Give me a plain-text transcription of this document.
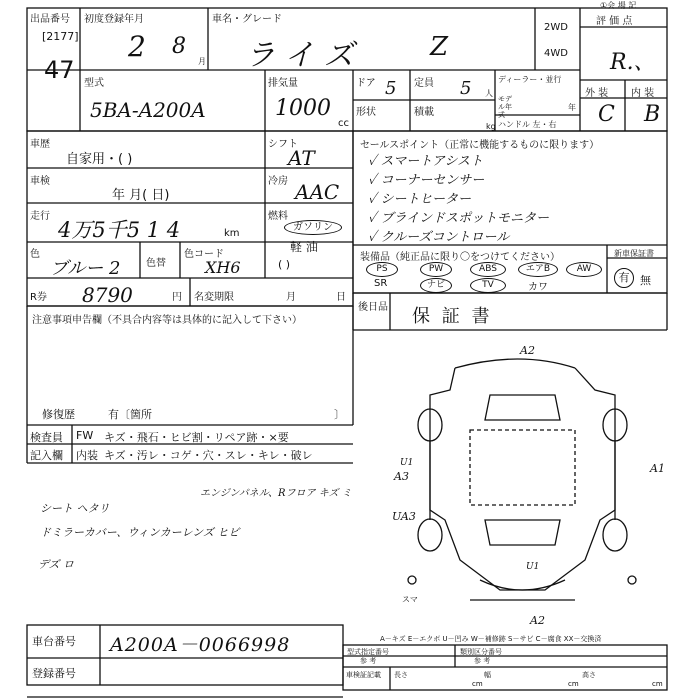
出品番号
[2177]
47
初度登録年月
2 8
月
車名・グレード
ライズ	Z
2WD
4WD
評 価 点
①会 場 記
R.、
外 装 内 装
C B
型式
5BA-A200A
排気量
1000
cc
ドア 5 定員 5 人
ディーラー・並行
モデル年式
年
形状	積載
kg ハンドル 左・右
車歴
自家用・( )
シフト
AT
車検
年 月( 日)
冷房 AAC
走行
4万5千5 1 4	km
燃料
ガソリン
軽 油
( )
色
ブルー 2	色替
色コード
XH6
R券 8790	円 名変期限	月	日
セールスポイント（正常に機能するものに限ります）
✓ スマートアシスト
✓ コーナーセンサー
✓ シートヒーター
✓ ブラインドスポットモニター
✓ クルーズコントロール
装備品（純正品に限り〇をつけてください）
PS	PW	ABS	エアB	AW
SR	ナビ	TV	カワ
新車保証書
有 無
後日品 保 証 書
注意事項申告欄（不具合内容等は具体的に記入して下さい）
修復歴	有〔箇所	〕
検査員
記入欄
FW キズ・飛石・ヒビ割・リペア跡・×要
内装 キズ・汚レ・コゲ・穴・スレ・キレ・破レ
シート ヘタリ
エンジンパネル、Rフロア キズ ミ
ドミラーカバー、ウィンカーレンズ ヒビ
デズ ロ
A2
A1
A3
U1
UA3
U1
A2
スマ
A－キズ E－エクボ U－凹み W－補修跡 S－サビ C－腐食 XX－交換済
車台番号 A200A－0066998
登録番号
型式指定番号
参 考
類別区分番号
参 考
車検証記載 長さ	幅	高さ
cm	cm	cm
